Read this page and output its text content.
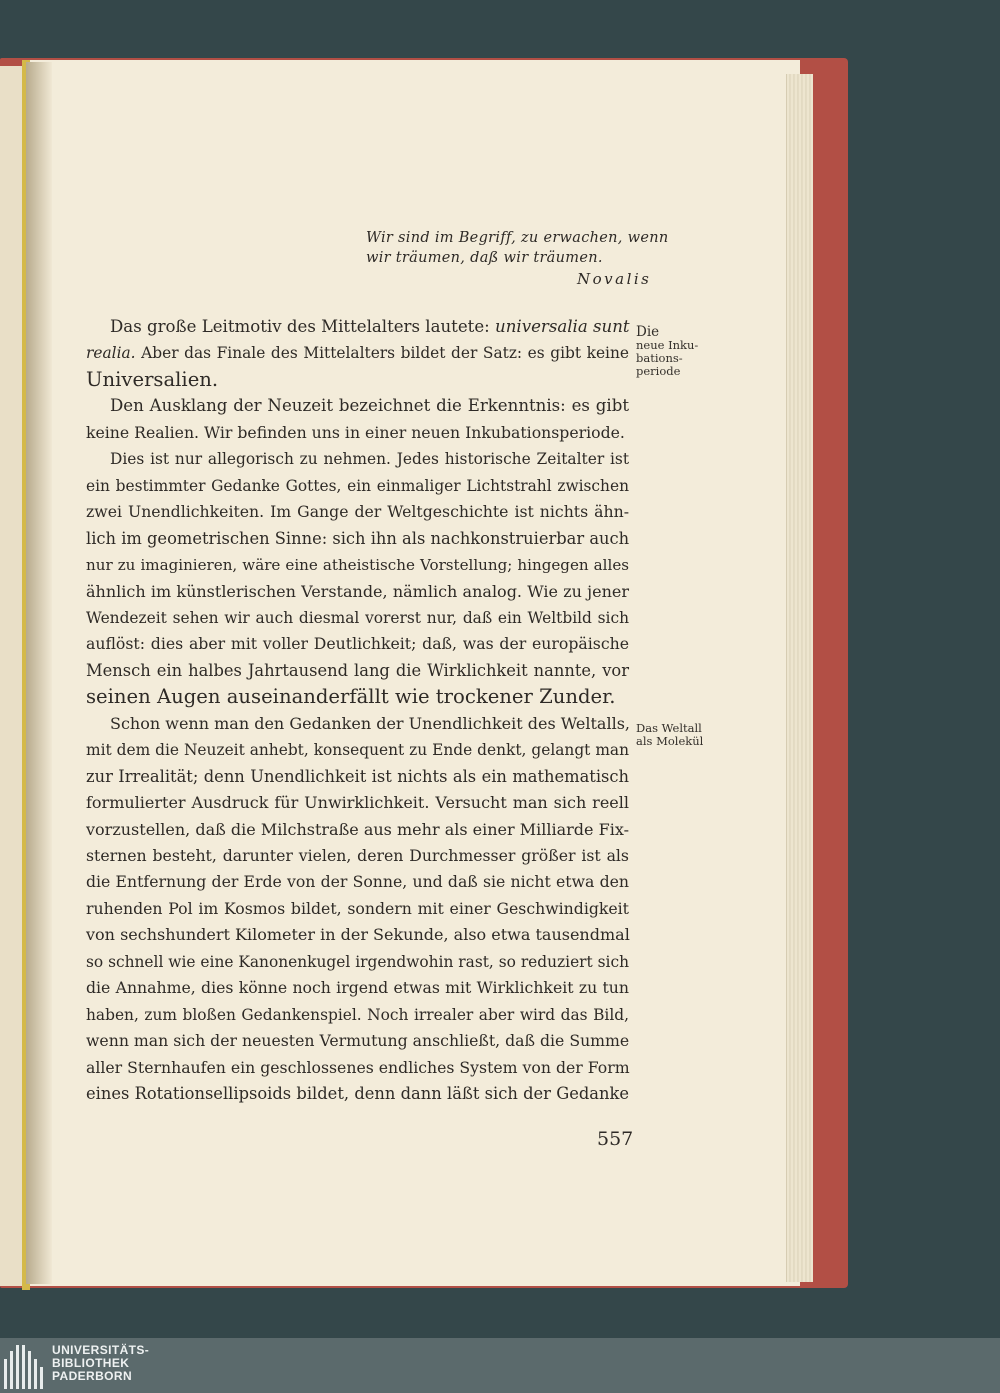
Wir sind im Begriff, zu erwachen, wenn
wir träumen, daß wir träumen.
Novalis
Das große Leitmotiv des Mittelalters lautete: universalia sunt
realia. Aber das Finale des Mittelalters bildet der Satz: es gibt keine
Universalien.
Den Ausklang der Neuzeit bezeichnet die Erkenntnis: es gibt
keine Realien. Wir befinden uns in einer neuen Inkubationsperiode.
Dies ist nur allegorisch zu nehmen. Jedes historische Zeitalter ist
ein bestimmter Gedanke Gottes, ein einmaliger Lichtstrahl zwischen
zwei Unendlichkeiten. Im Gange der Weltgeschichte ist nichts ähn-
lich im geometrischen Sinne: sich ihn als nachkonstruierbar auch
nur zu imaginieren, wäre eine atheistische Vorstellung; hingegen alles
ähnlich im künstlerischen Verstande, nämlich analog. Wie zu jener
Wendezeit sehen wir auch diesmal vorerst nur, daß ein Weltbild sich
auflöst: dies aber mit voller Deutlichkeit; daß, was der europäische
Mensch ein halbes Jahrtausend lang die Wirklichkeit nannte, vor
seinen Augen auseinanderfällt wie trockener Zunder.
Schon wenn man den Gedanken der Unendlichkeit des Weltalls,
mit dem die Neuzeit anhebt, konsequent zu Ende denkt, gelangt man
zur Irrealität; denn Unendlichkeit ist nichts als ein mathematisch
formulierter Ausdruck für Unwirklichkeit. Versucht man sich reell
vorzustellen, daß die Milchstraße aus mehr als einer Milliarde Fix-
sternen besteht, darunter vielen, deren Durchmesser größer ist als
die Entfernung der Erde von der Sonne, und daß sie nicht etwa den
ruhenden Pol im Kosmos bildet, sondern mit einer Geschwindigkeit
von sechshundert Kilometer in der Sekunde, also etwa tausendmal
so schnell wie eine Kanonenkugel irgendwohin rast, so reduziert sich
die Annahme, dies könne noch irgend etwas mit Wirklichkeit zu tun
haben, zum bloßen Gedankenspiel. Noch irrealer aber wird das Bild,
wenn man sich der neuesten Vermutung anschließt, daß die Summe
aller Sternhaufen ein geschlossenes endliches System von der Form
eines Rotationsellipsoids bildet, denn dann läßt sich der Gedanke
Die
neue Inku-
bations-
periode
Das Weltall
als Molekül
557
UNIVERSITÄTS-
BIBLIOTHEK
PADERBORN
